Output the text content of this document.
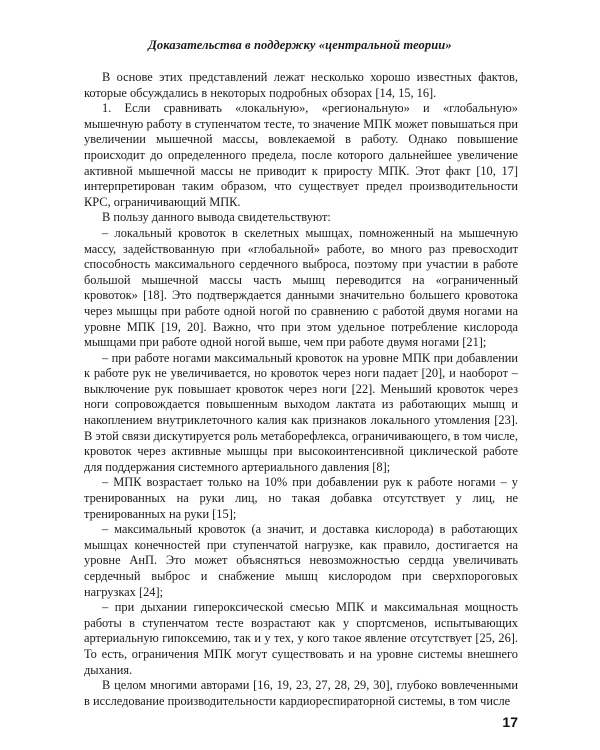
Доказательства в поддержку «центральной теории»

В основе этих представлений лежат несколько хорошо известных фактов, которые обсуждались в некоторых подробных обзорах [14, 15, 16].

1. Если сравнивать «локальную», «региональную» и «глобальную» мышечную работу в ступенчатом тесте, то значение МПК может повышаться при увеличении мышечной массы, вовлекаемой в работу. Однако повышение происходит до определенного предела, после которого дальнейшее увеличение активной мышечной массы не приводит к приросту МПК. Этот факт [10, 17] интерпретирован таким образом, что существует предел производительности КРС, ограничивающий МПК.

В пользу данного вывода свидетельствуют:

– локальный кровоток в скелетных мышцах, помноженный на мышечную массу, задействованную при «глобальной» работе, во много раз превосходит способность максимального сердечного выброса, поэтому при участии в работе большой мышечной массы часть мышц переводится на «ограниченный кровоток» [18]. Это подтверждается данными значительно большего кровотока через мышцы при работе одной ногой по сравнению с работой двумя ногами на уровне МПК [19, 20]. Важно, что при этом удельное потребление кислорода мышцами при работе одной ногой выше, чем при работе двумя ногами [21];

– при работе ногами максимальный кровоток на уровне МПК при добавлении к работе рук не увеличивается, но кровоток через ноги падает [20], и наоборот – выключение рук повышает кровоток через ноги [22]. Меньший кровоток через ноги сопровождается повышенным выходом лактата из работающих мышц и накоплением внутриклеточного калия как признаков локального утомления [23]. В этой связи дискутируется роль метаборефлекса, ограничивающего, в том числе, кровоток через активные мышцы при высокоинтенсивной циклической работе для поддержания системного артериального давления [8];

– МПК возрастает только на 10% при добавлении рук к работе ногами – у тренированных на руки лиц, но такая добавка отсутствует у лиц, не тренированных на руки [15];

– максимальный кровоток (а значит, и доставка кислорода) в работающих мышцах конечностей при ступенчатой нагрузке, как правило, достигается на уровне АнП. Это может объясняться невозможностью сердца увеличивать сердечный выброс и снабжение мышц кислородом при сверхпороговых нагрузках [24];

– при дыхании гипероксической смесью МПК и максимальная мощность работы в ступенчатом тесте возрастают как у спортсменов, испытывающих артериальную гипоксемию, так и у тех, у кого такое явление отсутствует [25, 26]. То есть, ограничения МПК могут существовать и на уровне системы внешнего дыхания.

В целом многими авторами [16, 19, 23, 27, 28, 29, 30], глубоко вовлеченными в исследование производительности кардиореспираторной системы, в том числе

17
